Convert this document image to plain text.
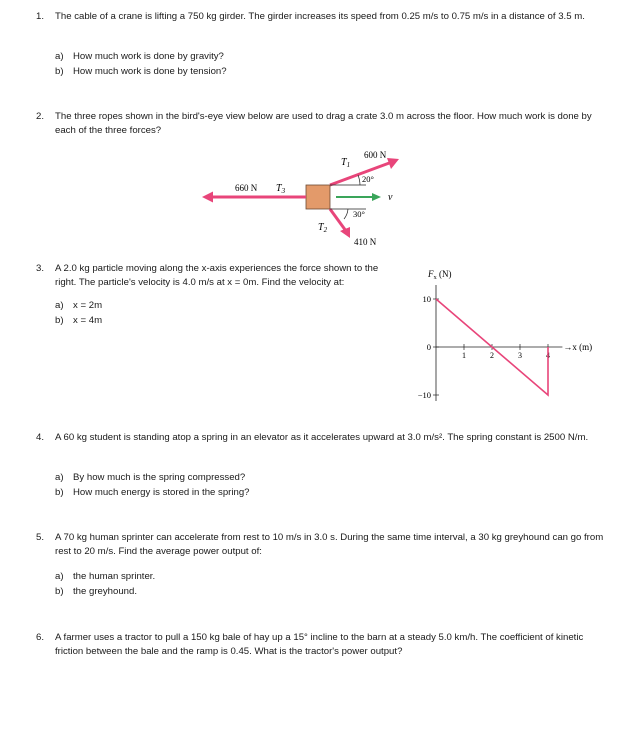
1. The cable of a crane is lifting a 750 kg girder. The girder increases its speed from 0.25 m/s to 0.75 m/s in a distance of 3.5 m.
a) How much work is done by gravity?
b) How much work is done by tension?
2. The three ropes shown in the bird's-eye view below are used to drag a crate 3.0 m across the floor. How much work is done by each of the three forces?
600 N
$T_1$
20°
660 N $T_3$
v
30°
$T_2$
410 N
3. A 2.0 kg particle moving along the x-axis experiences the force shown to the right. The particle's velocity is 4.0 m/s at x = 0m. Find the velocity at:
a) x = 2m
b) x = 4m
$F_x$ (N)
→x (m)
10
0
−10
1	2	3	4
4. A 60 kg student is standing atop a spring in an elevator as it accelerates upward at 3.0 m/s². The spring constant is 2500 N/m.
a) By how much is the spring compressed?
b) How much energy is stored in the spring?
5. A 70 kg human sprinter can accelerate from rest to 10 m/s in 3.0 s. During the same time interval, a 30 kg greyhound can go from rest to 20 m/s. Find the average power output of:
a) the human sprinter.
b) the greyhound.
6. A farmer uses a tractor to pull a 150 kg bale of hay up a 15° incline to the barn at a steady 5.0 km/h. The coefficient of kinetic friction between the bale and the ramp is 0.45. What is the tractor's power output?
